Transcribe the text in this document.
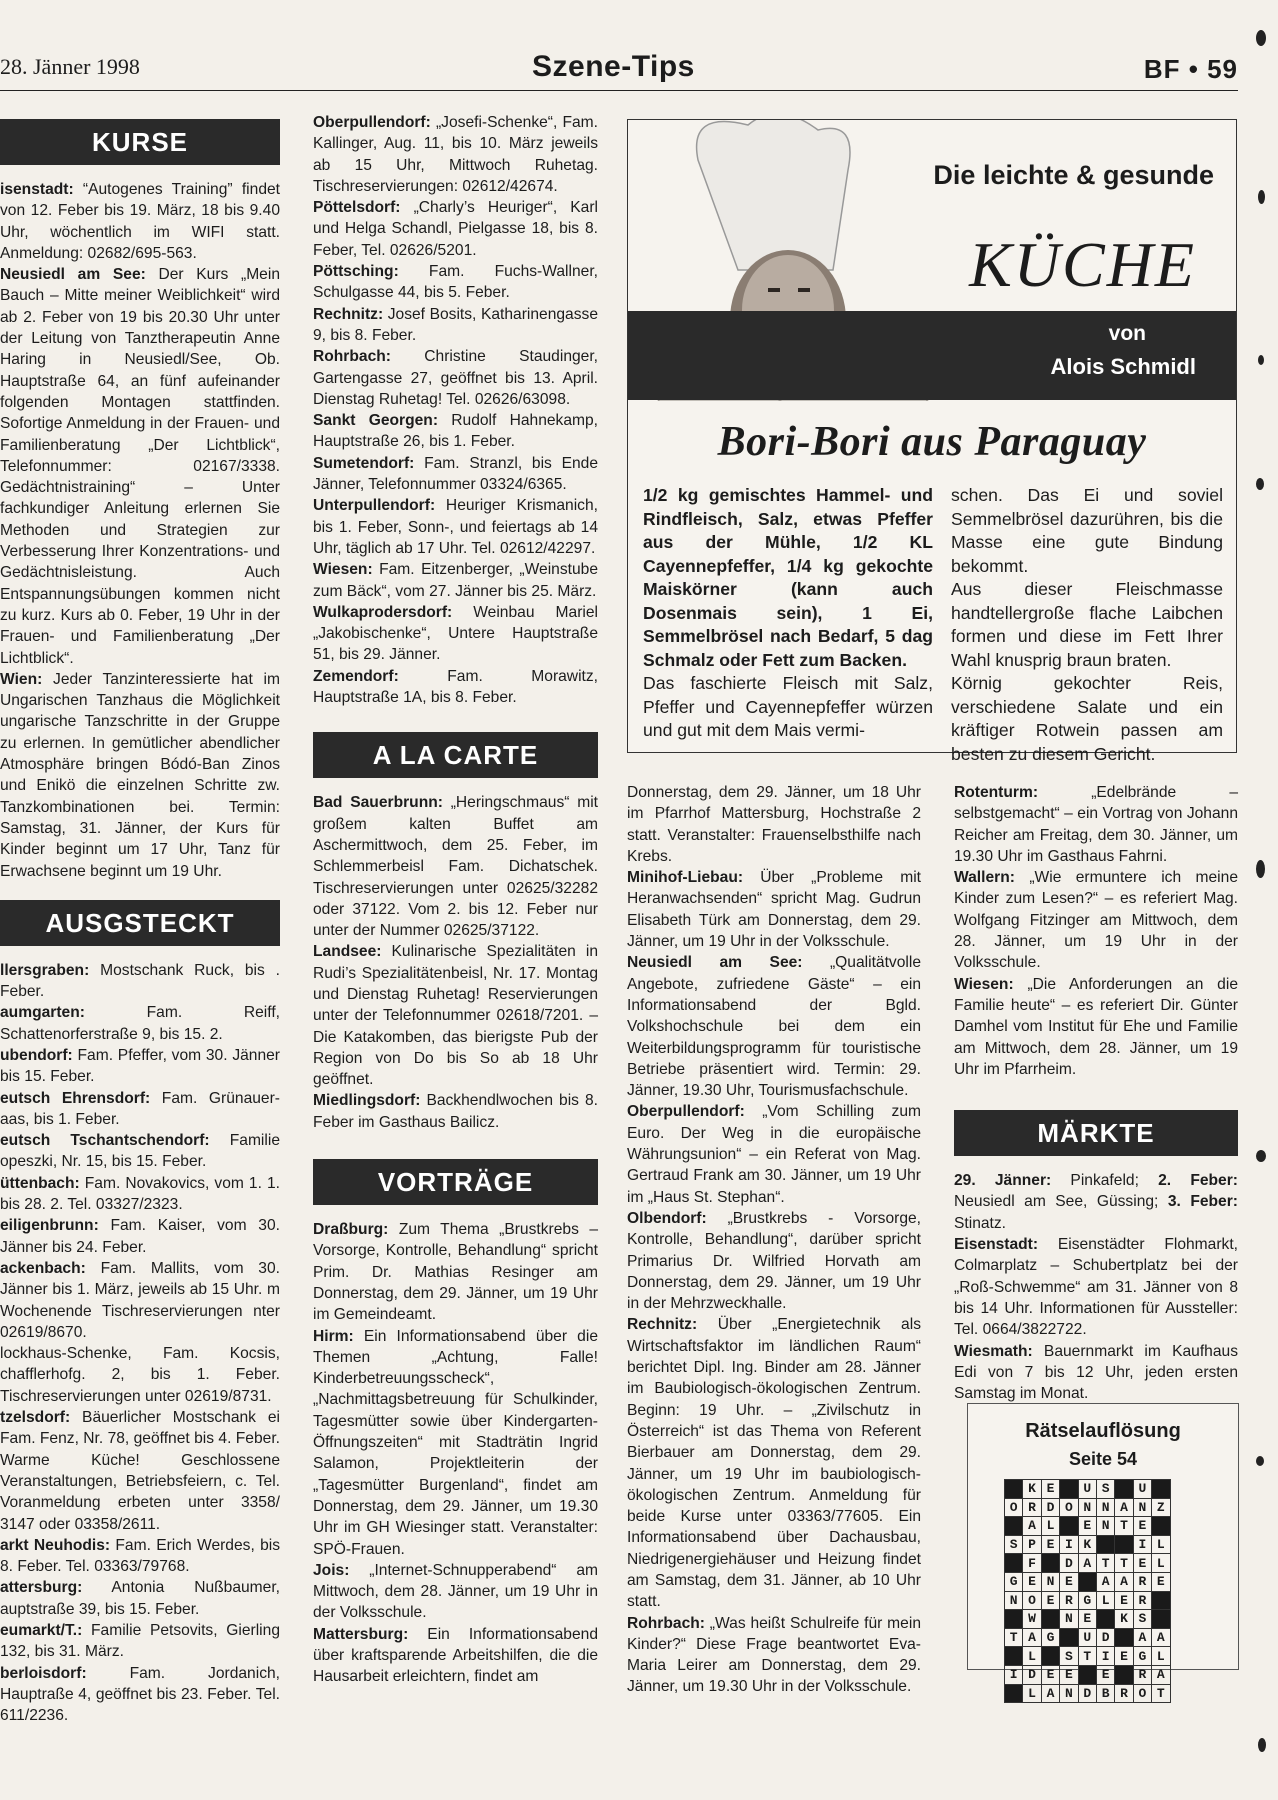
28. Jänner 1998	Szene-Tips	BF • 59
KURSE

isenstadt: “Autogenes Training” findet von 12. Feber bis 19. März, 18 bis 9.40 Uhr, wöchentlich im WIFI statt. Anmeldung: 02682/695-563.

Neusiedl am See: Der Kurs „Mein Bauch – Mitte meiner Weiblichkeit“ wird ab 2. Feber von 19 bis 20.30 Uhr unter der Leitung von Tanztherapeutin Anne Haring in Neusiedl/See, Ob. Hauptstraße 64, an fünf aufeinander folgenden Montagen stattfinden. Sofortige Anmeldung in der Frauen- und Familienberatung „Der Lichtblick“, Telefonnummer: 02167/3338. Gedächtnistraining“ – Unter fachkundiger Anleitung erlernen Sie Methoden und Strategien zur Verbesserung Ihrer Konzentrations- und Gedächtnisleistung. Auch Entspannungsübungen kommen nicht zu kurz. Kurs ab 0. Feber, 19 Uhr in der Frauen- und Familienberatung „Der Lichtblick“.

Wien: Jeder Tanzinteressierte hat im Ungarischen Tanzhaus die Möglichkeit ungarische Tanzschritte in der Gruppe zu erlernen. In gemütlicher abendlicher Atmosphäre bringen Bódó-Ban Zinos und Enikö die einzelnen Schritte zw. Tanzkombinationen bei. Termin: Samstag, 31. Jänner, der Kurs für Kinder beginnt um 17 Uhr, Tanz für Erwachsene beginnt um 19 Uhr.

AUSGSTECKT

llersgraben: Mostschank Ruck, bis . Feber.

aumgarten: Fam. Reiff, Schattenorferstraße 9, bis 15. 2.

ubendorf: Fam. Pfeffer, vom 30. Jänner bis 15. Feber.

eutsch Ehrensdorf: Fam. Grünauer-aas, bis 1. Feber.

eutsch Tschantschendorf: Familie opeszki, Nr. 15, bis 15. Feber.

üttenbach: Fam. Novakovics, vom 1. 1. bis 28. 2. Tel. 03327/2323.

eiligenbrunn: Fam. Kaiser, vom 30. Jänner bis 24. Feber.

ackenbach: Fam. Mallits, vom 30. Jänner bis 1. März, jeweils ab 15 Uhr. m Wochenende Tischreservierungen nter 02619/8670.

lockhaus-Schenke, Fam. Kocsis, chafflerhofg. 2, bis 1. Feber. Tischreservierungen unter 02619/8731.

tzelsdorf: Bäuerlicher Mostschank ei Fam. Fenz, Nr. 78, geöffnet bis 4. Feber. Warme Küche! Geschlossene Veranstaltungen, Betriebsfeiern, c. Tel. Voranmeldung erbeten unter 3358/ 3147 oder 03358/2611.

arkt Neuhodis: Fam. Erich Werdes, bis 8. Feber. Tel. 03363/79768.

attersburg: Antonia Nußbaumer, auptstraße 39, bis 15. Feber.

eumarkt/T.: Familie Petsovits, Gierling 132, bis 31. März.

berloisdorf: Fam. Jordanich, Hauptraße 4, geöffnet bis 23. Feber. Tel. 611/2236.

Oberpullendorf: „Josefi-Schenke“, Fam. Kallinger, Aug. 11, bis 10. März jeweils ab 15 Uhr, Mittwoch Ruhetag. Tischreservierungen: 02612/42674.

Pöttelsdorf: „Charly’s Heuriger“, Karl und Helga Schandl, Pielgasse 18, bis 8. Feber, Tel. 02626/5201.

Pöttsching: Fam. Fuchs-Wallner, Schulgasse 44, bis 5. Feber.

Rechnitz: Josef Bosits, Katharinengasse 9, bis 8. Feber.

Rohrbach: Christine Staudinger, Gartengasse 27, geöffnet bis 13. April. Dienstag Ruhetag! Tel. 02626/63098.

Sankt Georgen: Rudolf Hahnekamp, Hauptstraße 26, bis 1. Feber.

Sumetendorf: Fam. Stranzl, bis Ende Jänner, Telefonnummer 03324/6365.

Unterpullendorf: Heuriger Krismanich, bis 1. Feber, Sonn-, und feiertags ab 14 Uhr, täglich ab 17 Uhr. Tel. 02612/42297.

Wiesen: Fam. Eitzenberger, „Weinstube zum Bäck“, vom 27. Jänner bis 25. März.

Wulkaprodersdorf: Weinbau Mariel „Jakobischenke“, Untere Hauptstraße 51, bis 29. Jänner.

Zemendorf: Fam. Morawitz, Hauptstraße 1A, bis 8. Feber.

A LA CARTE

Bad Sauerbrunn: „Heringschmaus“ mit großem kalten Buffet am Aschermittwoch, dem 25. Feber, im Schlemmerbeisl Fam. Dichatschek. Tischreservierungen unter 02625/32282 oder 37122. Vom 2. bis 12. Feber nur unter der Nummer 02625/37122.

Landsee: Kulinarische Spezialitäten in Rudi’s Spezialitätenbeisl, Nr. 17. Montag und Dienstag Ruhetag! Reservierungen unter der Telefonnummer 02618/7201. – Die Katakomben, das bierigste Pub der Region von Do bis So ab 18 Uhr geöffnet.

Miedlingsdorf: Backhendlwochen bis 8. Feber im Gasthaus Bailicz.

VORTRÄGE

Draßburg: Zum Thema „Brustkrebs – Vorsorge, Kontrolle, Behandlung“ spricht Prim. Dr. Mathias Resinger am Donnerstag, dem 29. Jänner, um 19 Uhr im Gemeindeamt.

Hirm: Ein Informationsabend über die Themen „Achtung, Falle! Kinderbetreuungsscheck“, „Nachmittagsbetreuung für Schulkinder, Tagesmütter sowie über Kindergarten-Öffnungszeiten“ mit Stadträtin Ingrid Salamon, Projektleiterin der „Tagesmütter Burgenland“, findet am Donnerstag, dem 29. Jänner, um 19.30 Uhr im GH Wiesinger statt. Veranstalter: SPÖ-Frauen.

Jois: „Internet-Schnupperabend“ am Mittwoch, dem 28. Jänner, um 19 Uhr in der Volksschule.

Mattersburg: Ein Informationsabend über kraftsparende Arbeitshilfen, die die Hausarbeit erleichtern, findet am

Die leichte & gesunde
KÜCHE
von
Alois Schmidl
Bori-Bori aus Paraguay

1/2 kg gemischtes Hammel- und Rindfleisch, Salz, etwas Pfeffer aus der Mühle, 1/2 KL Cayennepfeffer, 1/4 kg gekochte Maiskörner (kann auch Dosenmais sein), 1 Ei, Semmelbrösel nach Bedarf, 5 dag Schmalz oder Fett zum Backen.

Das faschierte Fleisch mit Salz, Pfeffer und Cayennepfeffer würzen und gut mit dem Mais vermi-

schen. Das Ei und soviel Semmelbrösel dazurühren, bis die Masse eine gute Bindung bekommt.

Aus dieser Fleischmasse handtellergroße flache Laibchen formen und diese im Fett Ihrer Wahl knusprig braun braten.

Körnig gekochter Reis, verschiedene Salate und ein kräftiger Rotwein passen am besten zu diesem Gericht.

Donnerstag, dem 29. Jänner, um 18 Uhr im Pfarrhof Mattersburg, Hochstraße 2 statt. Veranstalter: Frauenselbsthilfe nach Krebs.

Minihof-Liebau: Über „Probleme mit Heranwachsenden“ spricht Mag. Gudrun Elisabeth Türk am Donnerstag, dem 29. Jänner, um 19 Uhr in der Volksschule.

Neusiedl am See: „Qualitätvolle Angebote, zufriedene Gäste“ – ein Informationsabend der Bgld. Volkshochschule bei dem ein Weiterbildungsprogramm für touristische Betriebe präsentiert wird. Termin: 29. Jänner, 19.30 Uhr, Tourismusfachschule.

Oberpullendorf: „Vom Schilling zum Euro. Der Weg in die europäische Währungsunion“ – ein Referat von Mag. Gertraud Frank am 30. Jänner, um 19 Uhr im „Haus St. Stephan“.

Olbendorf: „Brustkrebs - Vorsorge, Kontrolle, Behandlung“, darüber spricht Primarius Dr. Wilfried Horvath am Donnerstag, dem 29. Jänner, um 19 Uhr in der Mehrzweckhalle.

Rechnitz: Über „Energietechnik als Wirtschaftsfaktor im ländlichen Raum“ berichtet Dipl. Ing. Binder am 28. Jänner im Baubiologisch-ökologischen Zentrum. Beginn: 19 Uhr. – „Zivilschutz in Österreich“ ist das Thema von Referent Bierbauer am Donnerstag, dem 29. Jänner, um 19 Uhr im baubiologisch-ökologischen Zentrum. Anmeldung für beide Kurse unter 03363/77605. Ein Informationsabend über Dachausbau, Niedrigenergiehäuser und Heizung findet am Samstag, dem 31. Jänner, ab 10 Uhr statt.

Rohrbach: „Was heißt Schulreife für mein Kinder?“ Diese Frage beantwortet Eva-Maria Leirer am Donnerstag, dem 29. Jänner, um 19.30 Uhr in der Volksschule.

Rotenturm: „Edelbrände – selbstgemacht“ – ein Vortrag von Johann Reicher am Freitag, dem 30. Jänner, um 19.30 Uhr im Gasthaus Fahrni.

Wallern: „Wie ermuntere ich meine Kinder zum Lesen?“ – es referiert Mag. Wolfgang Fitzinger am Mittwoch, dem 28. Jänner, um 19 Uhr in der Volksschule.

Wiesen: „Die Anforderungen an die Familie heute“ – es referiert Dir. Günter Damhel vom Institut für Ehe und Familie am Mittwoch, dem 28. Jänner, um 19 Uhr im Pfarrheim.

MÄRKTE

29. Jänner: Pinkafeld; 2. Feber: Neusiedl am See, Güssing; 3. Feber: Stinatz.

Eisenstadt: Eisenstädter Flohmarkt, Colmarplatz – Schubertplatz bei der „Roß-Schwemme“ am 31. Jänner von 8 bis 14 Uhr. Informationen für Aussteller: Tel. 0664/3822722.

Wiesmath: Bauernmarkt im Kaufhaus Edi von 7 bis 12 Uhr, jeden ersten Samstag im Monat.

Rätselauflösung
Seite 54
	K	E		U	S		U	
O	R	D	O	N	N	A	N	Z
	A	L		E	N	T	E	
S	P	E	I	K			I	L
	F		D	A	T	T	E	L
G	E	N	E		A	A	R	E
N	O	E	R	G	L	E	R	
	W		N	E		K	S	
T	A	G		U	D		A	A
	L		S	T	I	E	G	L
I	D	E	E		E		R	A
	L	A	N	D	B	R	O	T
